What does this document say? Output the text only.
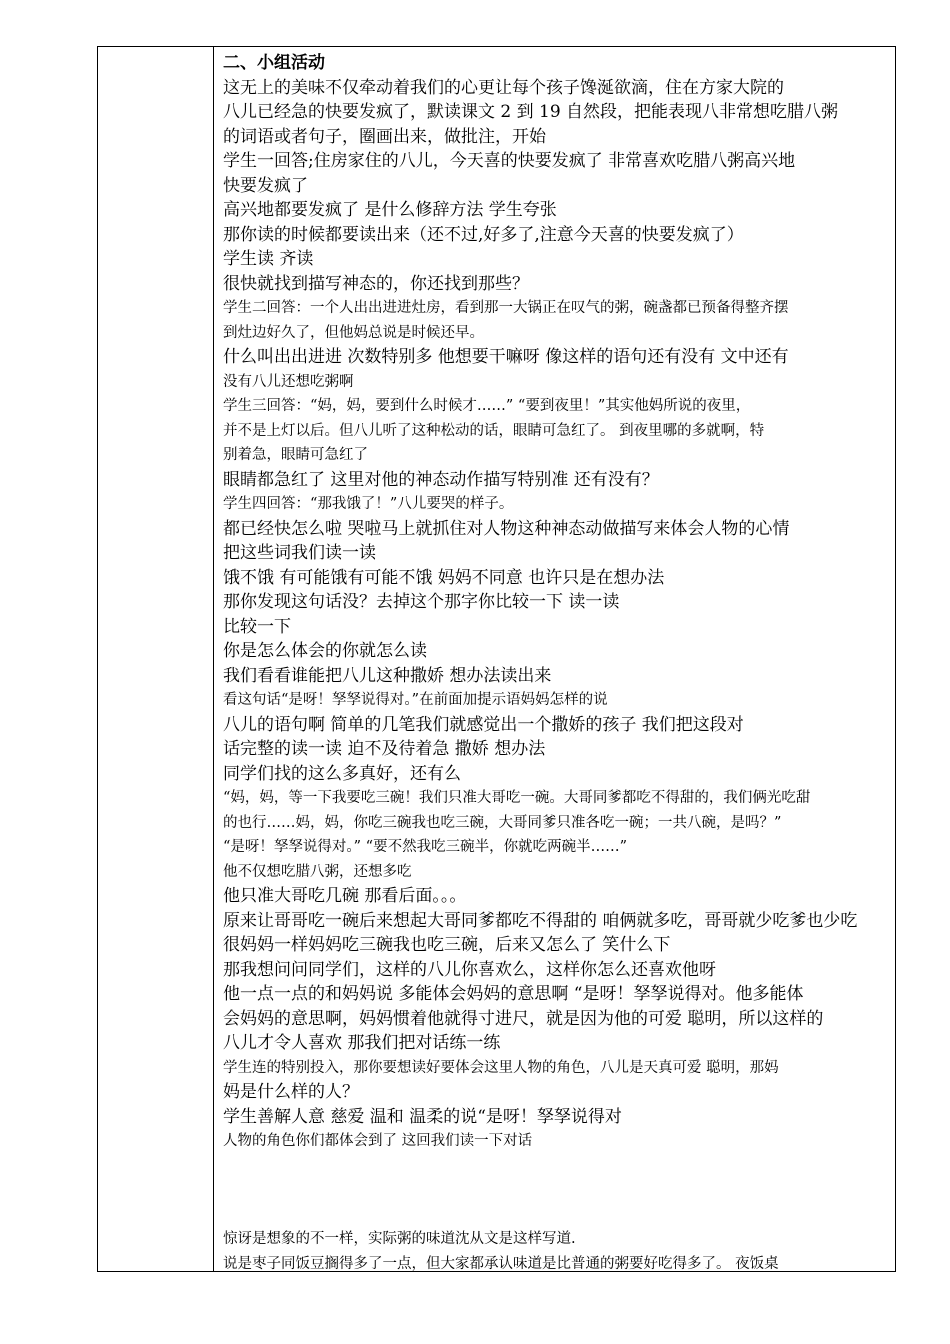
二、小组活动
这无上的美味不仅牵动着我们的心更让每个孩子馋涎欲滴，住在方家大院的
八儿已经急的快要发疯了，默读课文 2 到 19 自然段，把能表现八非常想吃腊八粥
的词语或者句子，圈画出来，做批注，开始
学生一回答;住房家住的八儿，今天喜的快要发疯了 非常喜欢吃腊八粥高兴地
快要发疯了
高兴地都要发疯了 是什么修辞方法 学生夸张
那你读的时候都要读出来（还不过,好多了,注意今天喜的快要发疯了）
学生读 齐读
很快就找到描写神态的，你还找到那些？
学生二回答：一个人出出进进灶房，看到那一大锅正在叹气的粥，碗盏都已预备得整齐摆
到灶边好久了，但他妈总说是时候还早。
什么叫出出进进 次数特别多 他想要干嘛呀 像这样的语句还有没有 文中还有
没有八儿还想吃粥啊
学生三回答：“妈，妈，要到什么时候才……” “要到夜里！”其实他妈所说的夜里，
并不是上灯以后。但八儿听了这种松动的话，眼睛可急红了。 到夜里哪的多就啊，特
别着急，眼睛可急红了
眼睛都急红了 这里对他的神态动作描写特别准 还有没有？
学生四回答：“那我饿了！”八儿要哭的样子。
都已经快怎么啦 哭啦马上就抓住对人物这种神态动做描写来体会人物的心情
把这些词我们读一读
饿不饿 有可能饿有可能不饿 妈妈不同意 也许只是在想办法
那你发现这句话没？去掉这个那字你比较一下 读一读
比较一下
你是怎么体会的你就怎么读
我们看看谁能把八儿这种撒娇 想办法读出来
看这句话“是呀！孥孥说得对。”在前面加提示语妈妈怎样的说
八儿的语句啊 简单的几笔我们就感觉出一个撒娇的孩子 我们把这段对
话完整的读一读 迫不及待着急 撒娇 想办法
同学们找的这么多真好，还有么
“妈，妈，等一下我要吃三碗！我们只准大哥吃一碗。大哥同爹都吃不得甜的，我们俩光吃甜
的也行……妈，妈，你吃三碗我也吃三碗，大哥同爹只准各吃一碗；一共八碗，是吗？”
“是呀！孥孥说得对。” “要不然我吃三碗半，你就吃两碗半……”
他不仅想吃腊八粥，还想多吃
他只准大哥吃几碗 那看后面。。。
原来让哥哥吃一碗后来想起大哥同爹都吃不得甜的 咱俩就多吃，哥哥就少吃爹也少吃
很妈妈一样妈妈吃三碗我也吃三碗，后来又怎么了 笑什么下
那我想问问同学们，这样的八儿你喜欢么，这样你怎么还喜欢他呀
他一点一点的和妈妈说 多能体会妈妈的意思啊 “是呀！孥孥说得对。他多能体
会妈妈的意思啊，妈妈惯着他就得寸进尺，就是因为他的可爱 聪明，所以这样的
八儿才令人喜欢 那我们把对话练一练
学生连的特别投入，那你要想读好要体会这里人物的角色，八儿是天真可爱 聪明，那妈
妈是什么样的人？
学生善解人意 慈爱 温和 温柔的说“是呀！孥孥说得对
人物的角色你们都体会到了 这回我们读一下对话
惊讶是想象的不一样，实际粥的味道沈从文是这样写道.
说是枣子同饭豆搁得多了一点，但大家都承认味道是比普通的粥要好吃得多了。 夜饭桌
